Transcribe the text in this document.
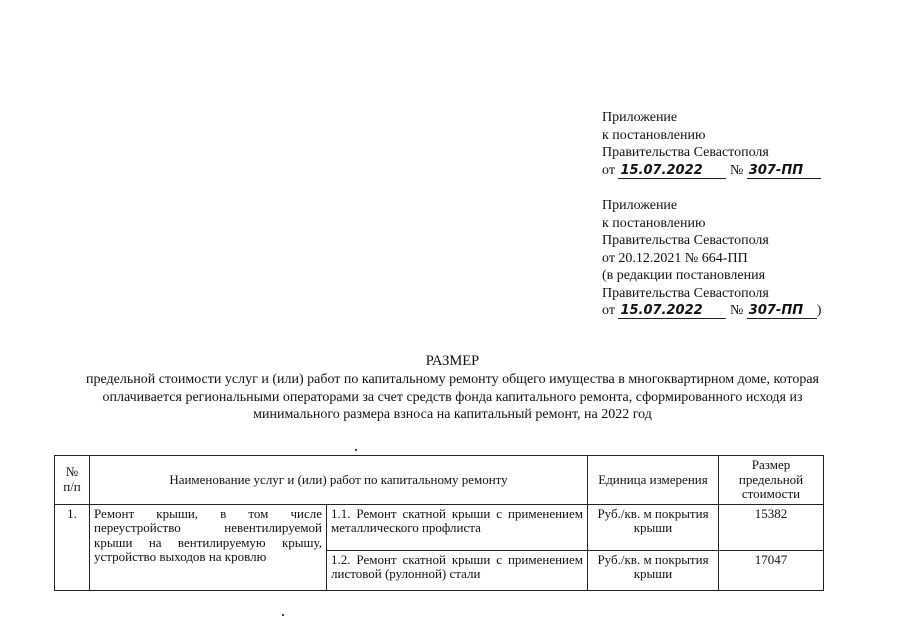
Приложение
к постановлению
Правительства Севастополя
от 15.07.2022 № 307-ПП
Приложение
к постановлению
Правительства Севастополя
от 20.12.2021 № 664-ПП
(в редакции постановления
Правительства Севастополя
от 15.07.2022 № 307-ПП )
РАЗМЕР
предельной стоимости услуг и (или) работ по капитальному ремонту общего имущества в многоквартирном доме, которая оплачивается региональными операторами за счет средств фонда капитального ремонта, сформированного исходя из минимального размера взноса на капитальный ремонт, на 2022 год
№ п/п	Наименование услуг и (или) работ по капитальному ремонту		Единица измерения	Размер предельной стоимости
1.	Ремонт крыши, в том числе переустройство невентилируемой крыши на вентилируемую крышу, устройство выходов на кровлю	1.1. Ремонт скатной крыши с применением металлического профлиста	Руб./кв. м покрытия крыши	15382
		1.2. Ремонт скатной крыши с применением листовой (рулонной) стали	Руб./кв. м покрытия крыши	17047
